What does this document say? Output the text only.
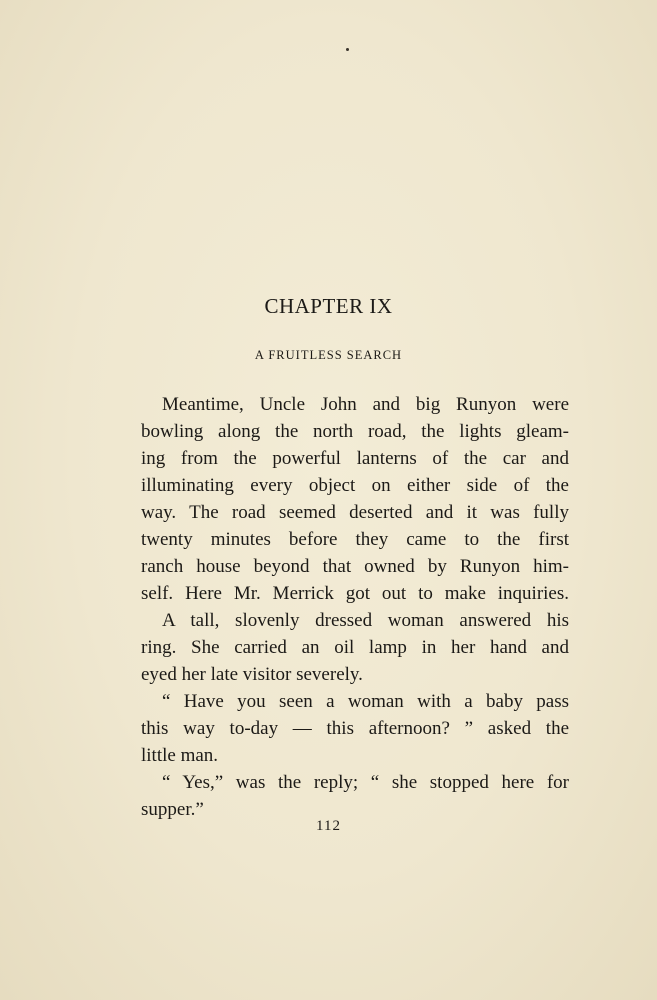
CHAPTER IX
A FRUITLESS SEARCH
Meantime, Uncle John and big Runyon were
bowling along the north road, the lights gleam-
ing from the powerful lanterns of the car and
illuminating every object on either side of the
way. The road seemed deserted and it was fully
twenty minutes before they came to the first
ranch house beyond that owned by Runyon him-
self. Here Mr. Merrick got out to make inquiries.
A tall, slovenly dressed woman answered his
ring. She carried an oil lamp in her hand and
eyed her late visitor severely.
“ Have you seen a woman with a baby pass
this way to-day — this afternoon? ” asked the
little man.
“ Yes,” was the reply; “ she stopped here for
supper.”
112
